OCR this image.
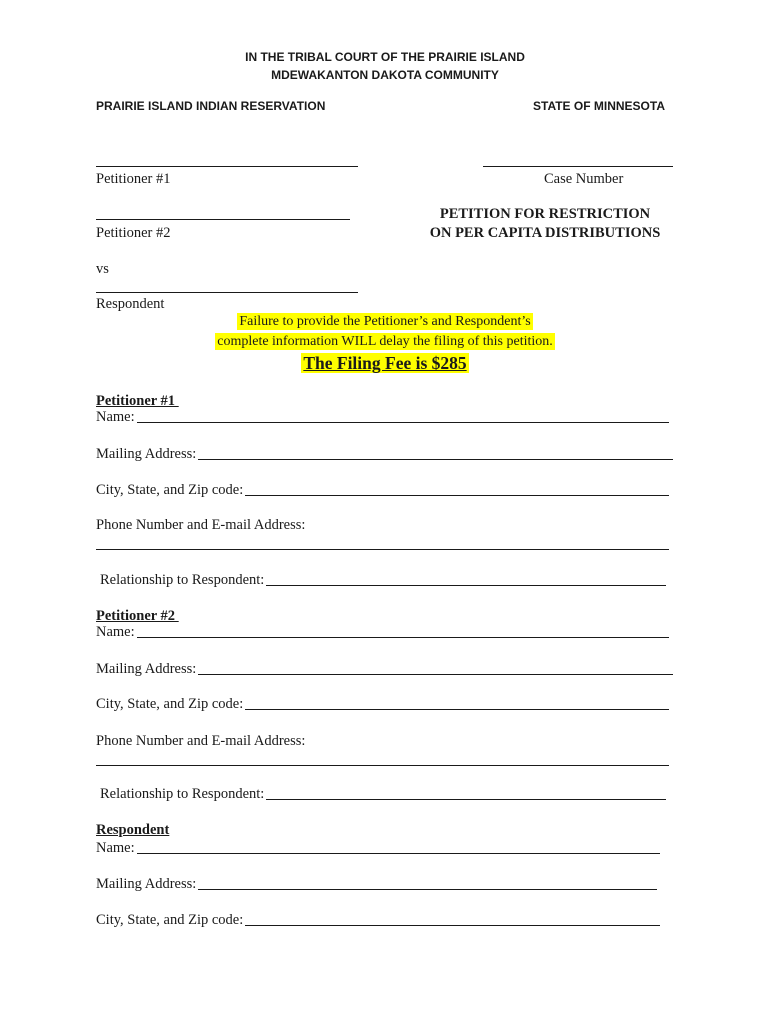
IN THE TRIBAL COURT OF THE PRAIRIE ISLAND
MDEWAKANTON DAKOTA COMMUNITY
PRAIRIE ISLAND INDIAN RESERVATION	STATE OF MINNESOTA
Petitioner #1	Case Number
Petitioner #2
PETITION FOR RESTRICTION
ON PER CAPITA DISTRIBUTIONS
vs
Respondent
Failure to provide the Petitioner’s and Respondent’s
complete information WILL delay the filing of this petition.
The Filing Fee is $285
Petitioner #1
Name:
Mailing Address:
City, State, and Zip code:
Phone Number and E-mail Address:
Relationship to Respondent:
Petitioner #2
Name:
Mailing Address:
City, State, and Zip code:
Phone Number and E-mail Address:
Relationship to Respondent:
Respondent
Name:
Mailing Address:
City, State, and Zip code:
